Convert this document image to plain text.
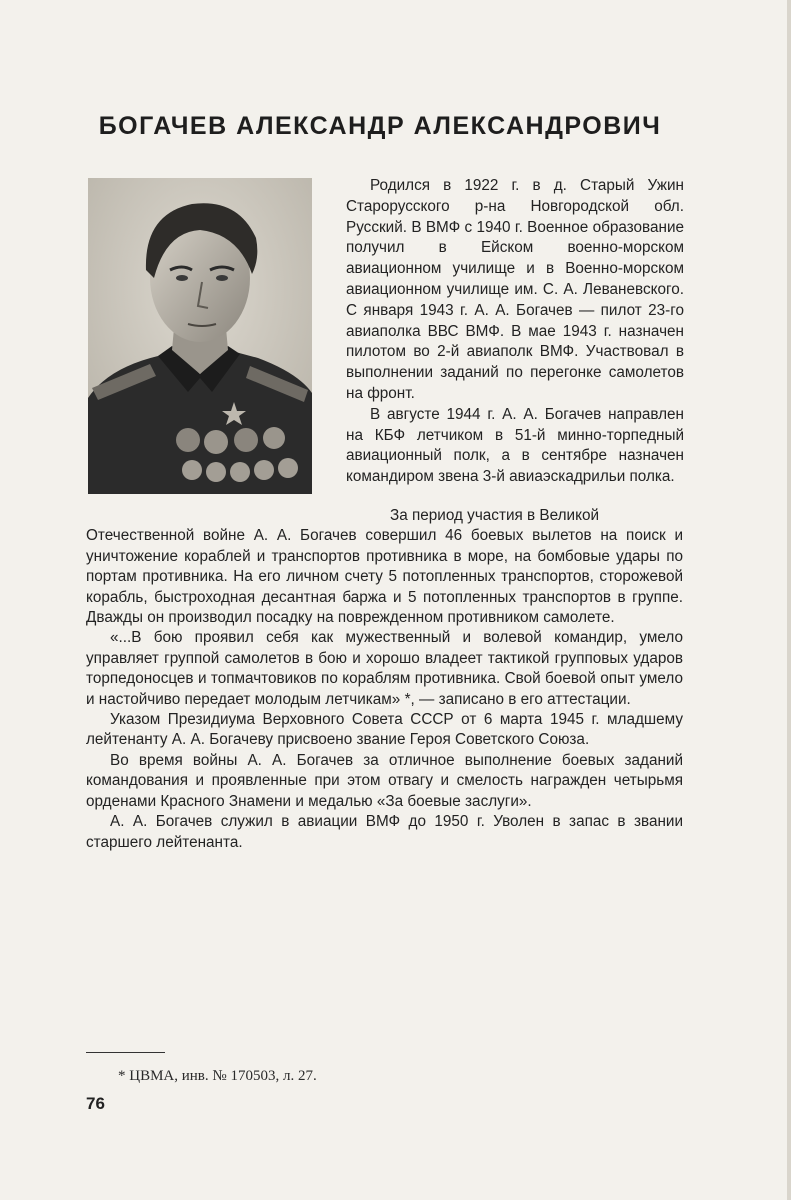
БОГАЧЕВ АЛЕКСАНДР АЛЕКСАНДРОВИЧ

Родился в 1922 г. в д. Старый Ужин Старорусского р-на Новгородской обл. Русский. В ВМФ с 1940 г. Военное образование получил в Ейском военно-морском авиационном училище и в Военно-морском авиационном училище им. С. А. Леваневского. С января 1943 г. А. А. Богачев — пилот 23-го авиаполка ВВС ВМФ. В мае 1943 г. назначен пилотом во 2-й авиаполк ВМФ. Участвовал в выполнении заданий по перегонке самолетов на фронт.

В августе 1944 г. А. А. Богачев направлен на КБФ летчиком в 51-й минно-торпедный авиационный полк, а в сентябре назначен командиром звена 3-й авиаэскадрильи полка.

За период участия в Великой

Отечественной войне А. А. Богачев совершил 46 боевых вылетов на поиск и уничтожение кораблей и транспортов противника в море, на бомбовые удары по портам противника. На его личном счету 5 потопленных транспортов, сторожевой корабль, быстроходная десантная баржа и 5 потопленных транспортов в группе. Дважды он производил посадку на поврежденном противником самолете.

«...В бою проявил себя как мужественный и волевой командир, умело управляет группой самолетов в бою и хорошо владеет тактикой групповых ударов торпедоносцев и топмачтовиков по кораблям противника. Свой боевой опыт умело и настойчиво передает молодым летчикам» *, — записано в его аттестации.

Указом Президиума Верховного Совета СССР от 6 марта 1945 г. младшему лейтенанту А. А. Богачеву присвоено звание Героя Советского Союза.

Во время войны А. А. Богачев за отличное выполнение боевых заданий командования и проявленные при этом отвагу и смелость награжден четырьмя орденами Красного Знамени и медалью «За боевые заслуги».

А. А. Богачев служил в авиации ВМФ до 1950 г. Уволен в запас в звании старшего лейтенанта.

* ЦВМА, инв. № 170503, л. 27.
76
